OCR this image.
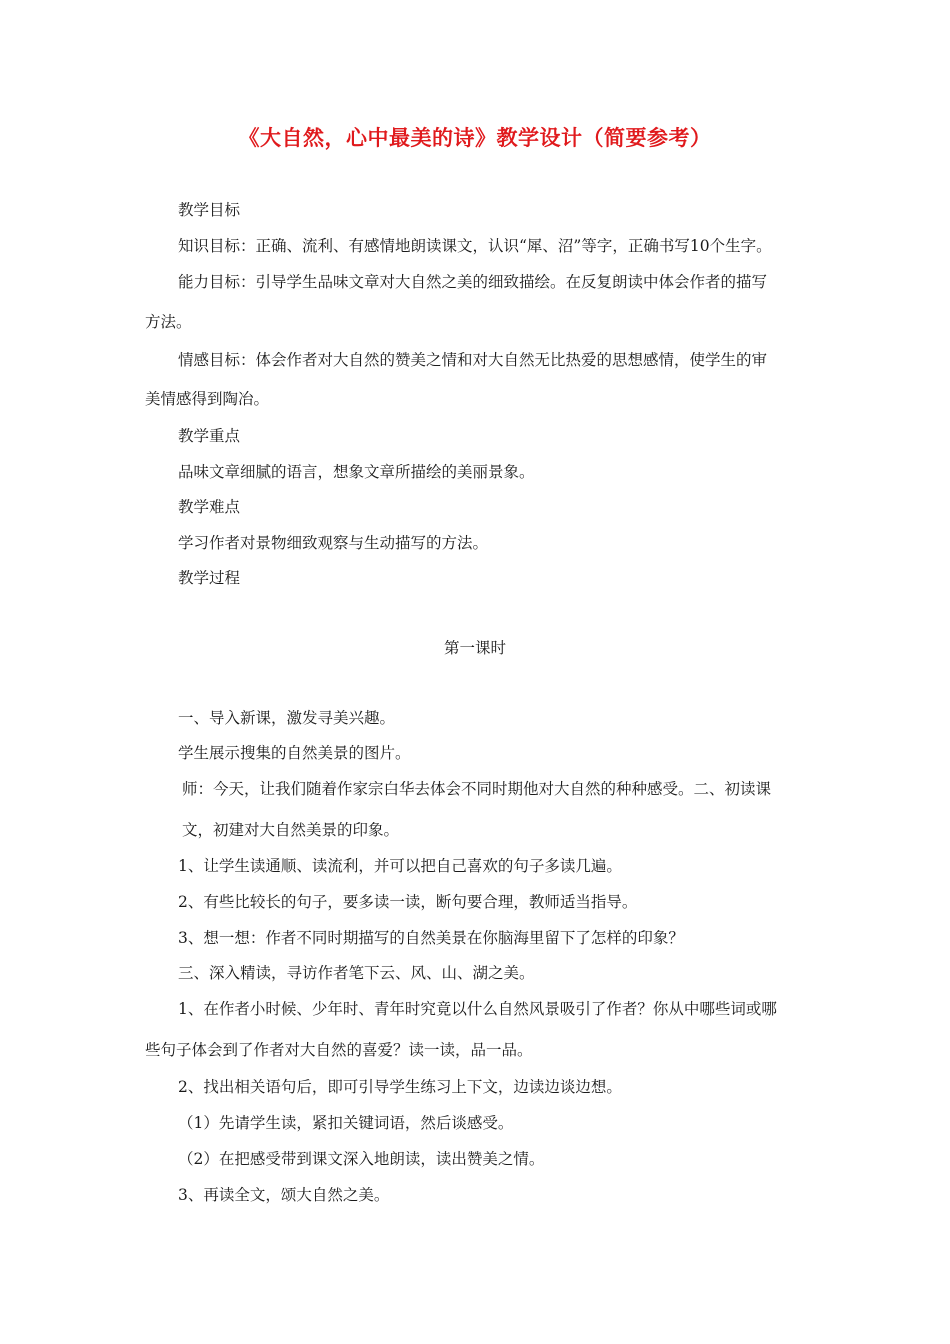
《大自然，心中最美的诗》教学设计（简要参考）
教学目标
知识目标：正确、流利、有感情地朗读课文，认识“犀、沼”等字，正确书写10个生字。
能力目标：引导学生品味文章对大自然之美的细致描绘。在反复朗读中体会作者的描写
方法。
情感目标：体会作者对大自然的赞美之情和对大自然无比热爱的思想感情，使学生的审
美情感得到陶冶。
教学重点
品味文章细腻的语言，想象文章所描绘的美丽景象。
教学难点
学习作者对景物细致观察与生动描写的方法。
教学过程
第一课时
一、导入新课，激发寻美兴趣。
学生展示搜集的自然美景的图片。
师：今天，让我们随着作家宗白华去体会不同时期他对大自然的种种感受。二、初读课
文，初建对大自然美景的印象。
1、让学生读通顺、读流利，并可以把自己喜欢的句子多读几遍。
2、有些比较长的句子，要多读一读，断句要合理，教师适当指导。
3、想一想：作者不同时期描写的自然美景在你脑海里留下了怎样的印象？
三、深入精读，寻访作者笔下云、风、山、湖之美。
1、在作者小时候、少年时、青年时究竟以什么自然风景吸引了作者？你从中哪些词或哪
些句子体会到了作者对大自然的喜爱？读一读，品一品。
2、找出相关语句后，即可引导学生练习上下文，边读边谈边想。
（1）先请学生读，紧扣关键词语，然后谈感受。
（2）在把感受带到课文深入地朗读，读出赞美之情。
3、再读全文，颂大自然之美。
